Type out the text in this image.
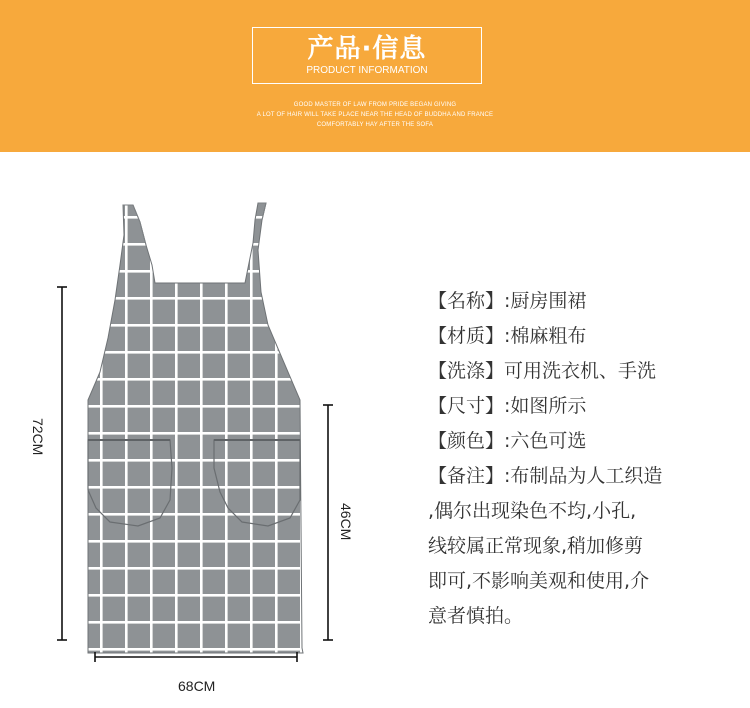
产品·信息
PRODUCT INFORMATION
GOOD MASTER OF LAW FROM PRIDE BEGAN GIVING
A LOT OF HAIR WILL TAKE PLACE NEAR THE HEAD OF BUDDHA AND FRANCE
COMFORTABLY HAY AFTER THE SOFA
72CM
46CM
68CM
【名称】:厨房围裙
【材质】:棉麻粗布
【洗涤】可用洗衣机、手洗
【尺寸】:如图所示
【颜色】:六色可选
【备注】:布制品为人工织造
,偶尔出现染色不均,小孔,
线较属正常现象,稍加修剪
即可,不影响美观和使用,介
意者慎拍。
